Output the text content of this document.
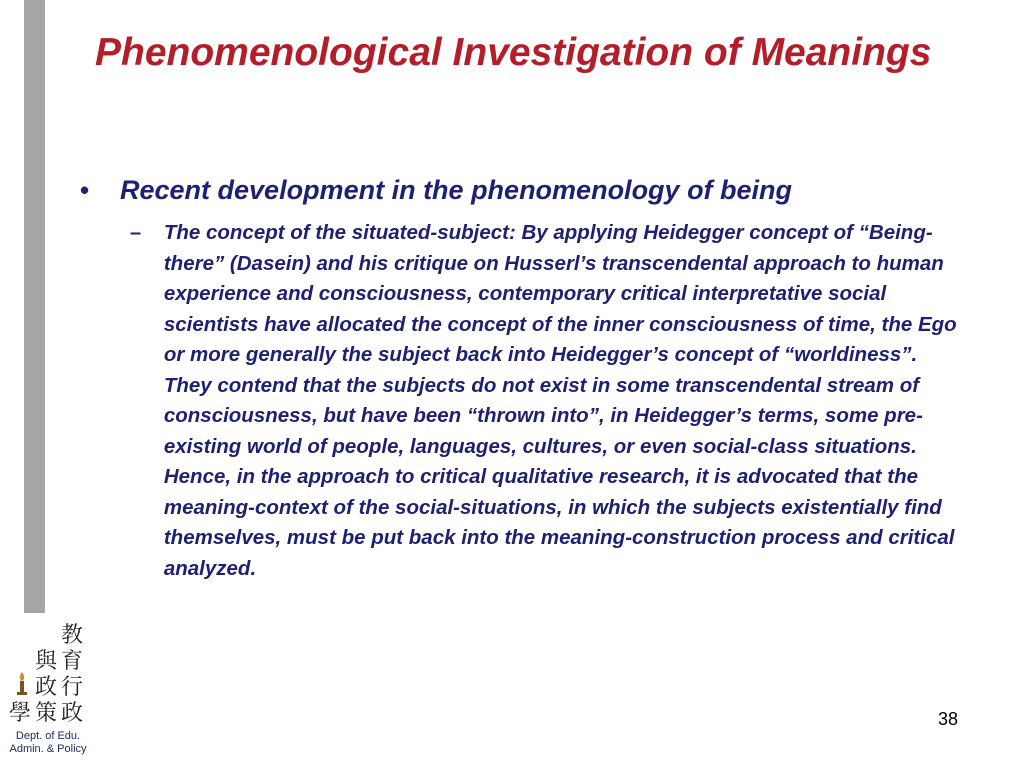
Phenomenological Investigation of Meanings
•	Recent development in the phenomenology of being
–	The concept of the situated-subject: By applying Heidegger concept of “Being-there” (Dasein) and his critique on Husserl’s transcendental approach to human experience and consciousness, contemporary critical interpretative social scientists have allocated the concept of the inner consciousness of time, the Ego or more generally the subject back into Heidegger’s concept of “worldiness”. They contend that the subjects do not exist in some transcendental stream of consciousness, but have been “thrown into”, in Heidegger’s terms, some pre-existing world of people, languages, cultures, or even social-class situations. Hence, in the approach to critical qualitative research, it is advocated that the meaning-context of the social-situations, in which the subjects existentially find themselves, must be put back into the meaning-construction process and critical analyzed.
教
育
與
政 行
學 策 政
Dept. of Edu.
Admin. & Policy
38
